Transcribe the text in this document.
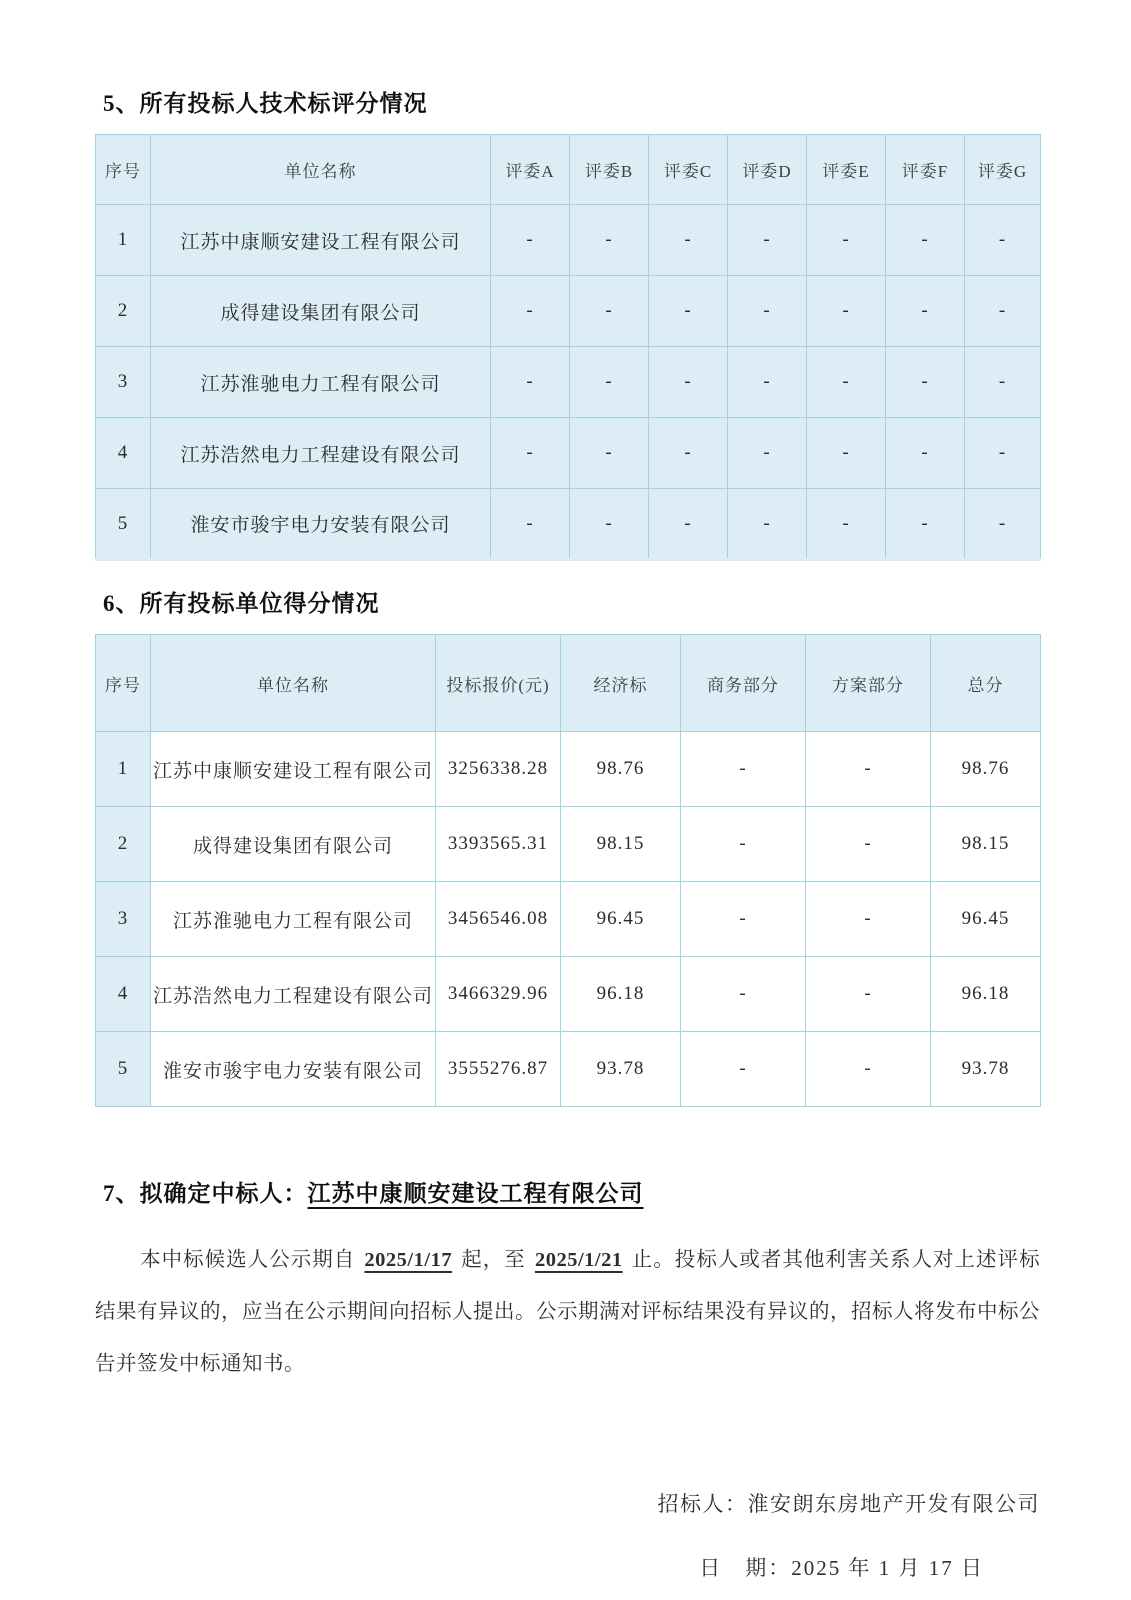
5、所有投标人技术标评分情况
序号	单位名称	评委A	评委B	评委C	评委D	评委E	评委F	评委G
1	江苏中康顺安建设工程有限公司	-	-	-	-	-	-	-
2	成得建设集团有限公司	-	-	-	-	-	-	-
3	江苏淮驰电力工程有限公司	-	-	-	-	-	-	-
4	江苏浩然电力工程建设有限公司	-	-	-	-	-	-	-
5	淮安市骏宇电力安装有限公司	-	-	-	-	-	-	-
6、所有投标单位得分情况
序号	单位名称	投标报价(元)	经济标	商务部分	方案部分	总分
1	江苏中康顺安建设工程有限公司	3256338.28	98.76	-	-	98.76
2	成得建设集团有限公司	3393565.31	98.15	-	-	98.15
3	江苏淮驰电力工程有限公司	3456546.08	96.45	-	-	96.45
4	江苏浩然电力工程建设有限公司	3466329.96	96.18	-	-	96.18
5	淮安市骏宇电力安装有限公司	3555276.87	93.78	-	-	93.78

7、拟确定中标人：江苏中康顺安建设工程有限公司

本中标候选人公示期自 2025/1/17 起，至 2025/1/21 止。投标人或者其他利害关系人对上述评标结果有异议的，应当在公示期间向招标人提出。公示期满对评标结果没有异议的，招标人将发布中标公告并签发中标通知书。

招标人：淮安朗东房地产开发有限公司
日　期：2025 年 1 月 17 日
